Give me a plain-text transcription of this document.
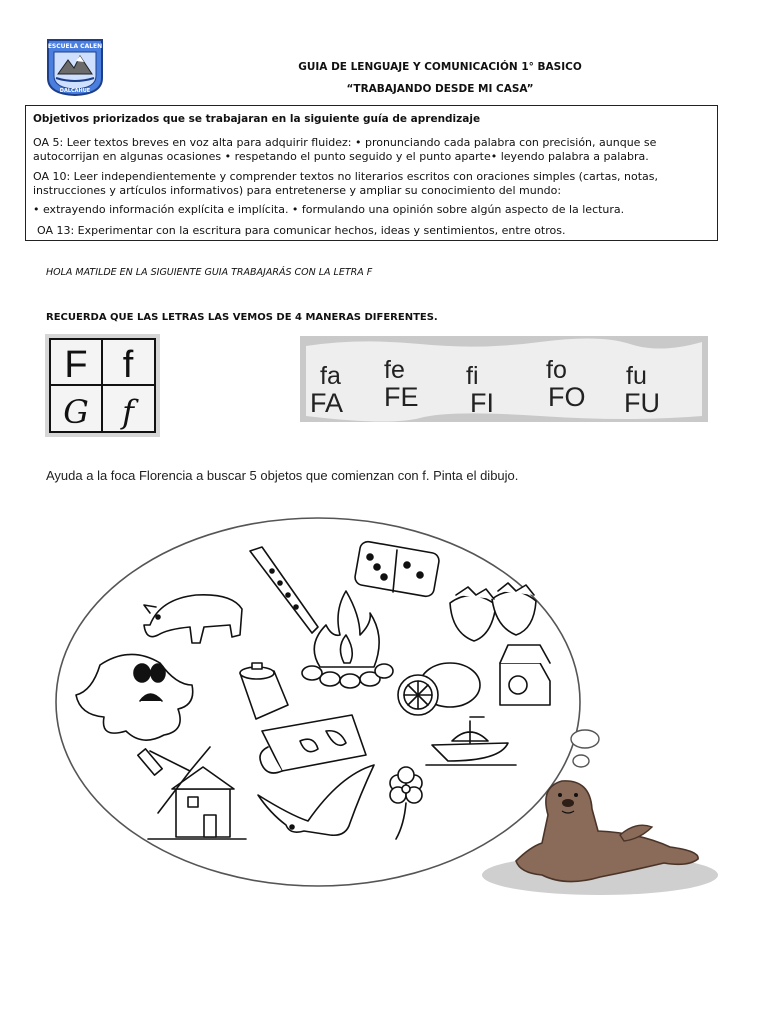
ESCUELA CALEN
DALCAHUE
GUIA DE LENGUAJE Y COMUNICACIÓN 1° BASICO
“TRABAJANDO DESDE MI CASA”
Objetivos priorizados que se trabajaran en la siguiente guía de aprendizaje
OA 5: Leer textos breves en voz alta para adquirir fluidez: • pronunciando cada palabra con precisión, aunque se autocorrijan en algunas ocasiones • respetando el punto seguido y el punto aparte• leyendo palabra a palabra.
OA 10: Leer independientemente y comprender textos no literarios escritos con oraciones simples (cartas, notas, instrucciones y artículos informativos) para entretenerse y ampliar su conocimiento del mundo:
• extrayendo información explícita e implícita. • formulando una opinión sobre algún aspecto de la lectura.
OA 13: Experimentar con la escritura para comunicar hechos, ideas y sentimientos, entre otros.
HOLA MATILDE EN LA SIGUIENTE GUIA TRABAJARÁS CON LA LETRA F
RECUERDA QUE LAS LETRAS LAS VEMOS DE 4 MANERAS DIFERENTES.
F f
G f
fa fe fi	fo fu
FA FE FI FO FU
Ayuda a la foca Florencia a buscar 5 objetos que comienzan con f. Pinta el dibujo.
